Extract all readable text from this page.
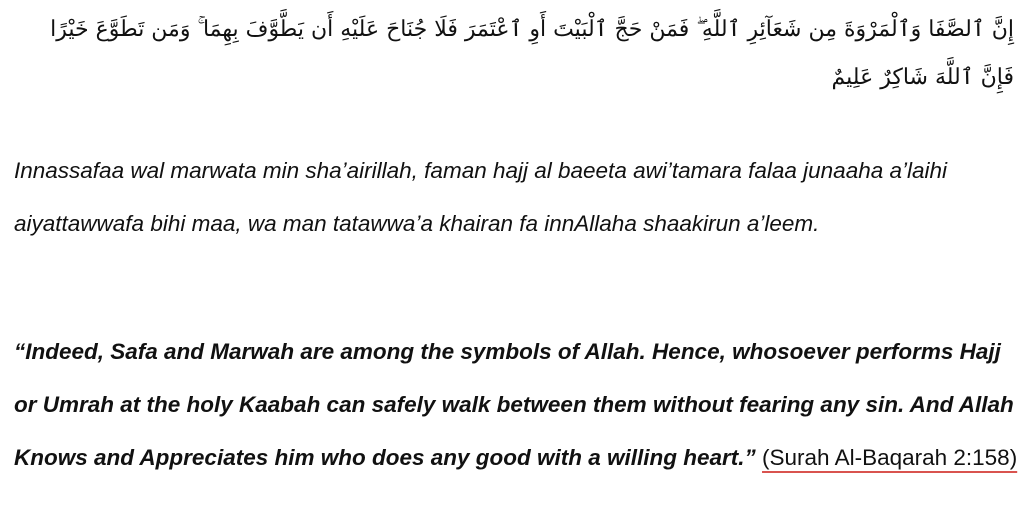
إِنَّ ٱلصَّفَا وَٱلْمَرْوَةَ مِن شَعَآئِرِ ٱللَّهِ ۖ فَمَنْ حَجَّ ٱلْبَيْتَ أَوِ ٱعْتَمَرَ فَلَا جُنَاحَ عَلَيْهِ أَن يَطَّوَّفَ بِهِمَا ۚ وَمَن تَطَوَّعَ خَيْرًا فَإِنَّ ٱللَّهَ شَاكِرٌ عَلِيمٌ

Innassafaa wal marwata min sha’airillah, faman hajj al baeeta awi’tamara falaa junaaha a’laihi aiyattawwafa bihi maa, wa man tatawwa’a khairan fa innAllaha shaakirun a’leem.

“Indeed, Safa and Marwah are among the symbols of Allah. Hence, whosoever performs Hajj or Umrah at the holy Kaabah can safely walk between them without fearing any sin. And Allah Knows and Appreciates him who does any good with a willing heart.” (Surah Al-Baqarah 2:158)
